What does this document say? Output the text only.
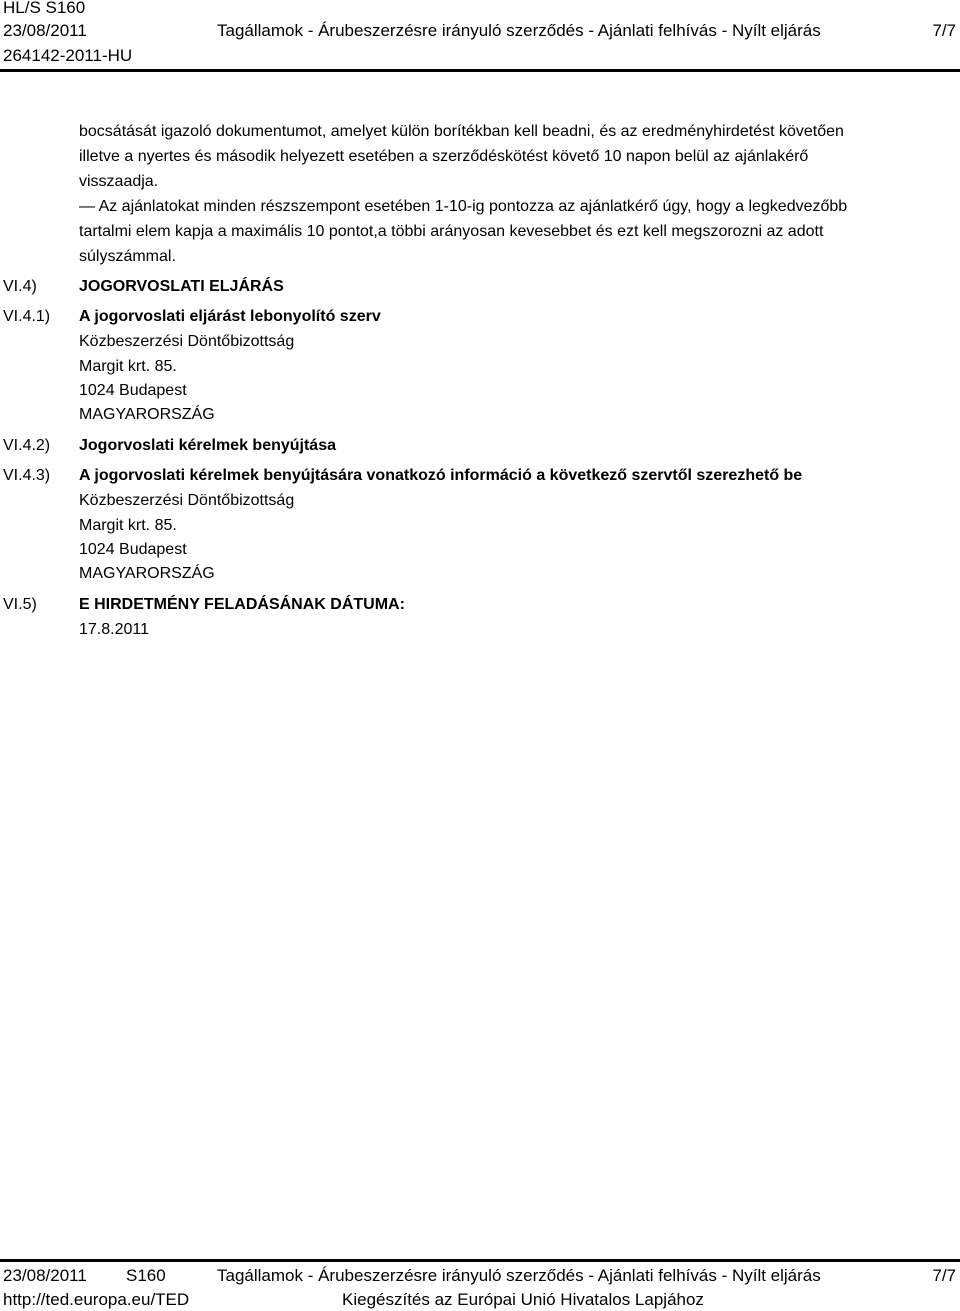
HL/S S160
23/08/2011
264142-2011-HU
Tagállamok - Árubeszerzésre irányuló szerződés - Ajánlati felhívás - Nyílt eljárás	7/7
bocsátását igazoló dokumentumot, amelyet külön borítékban kell beadni, és az eredményhirdetést követően
illetve a nyertes és második helyezett esetében a szerződéskötést követő 10 napon belül az ajánlakérő
visszaadja.
— Az ajánlatokat minden részszempont esetében 1-10-ig pontozza az ajánlatkérő úgy, hogy a legkedvezőbb
tartalmi elem kapja a maximális 10 pontot,a többi arányosan kevesebbet és ezt kell megszorozni az adott
súlyszámmal.
VI.4)	JOGORVOSLATI ELJÁRÁS
VI.4.1) A jogorvoslati eljárást lebonyolító szerv
Közbeszerzési Döntőbizottság
Margit krt. 85.
1024 Budapest
MAGYARORSZÁG
VI.4.2) Jogorvoslati kérelmek benyújtása
VI.4.3) A jogorvoslati kérelmek benyújtására vonatkozó információ a következő szervtől szerezhető be
Közbeszerzési Döntőbizottság
Margit krt. 85.
1024 Budapest
MAGYARORSZÁG
VI.5)	E HIRDETMÉNY FELADÁSÁNAK DÁTUMA:
17.8.2011
23/08/2011 S160	Tagállamok - Árubeszerzésre irányuló szerződés - Ajánlati felhívás - Nyílt eljárás	7/7
http://ted.europa.eu/TED	Kiegészítés az Európai Unió Hivatalos Lapjához
